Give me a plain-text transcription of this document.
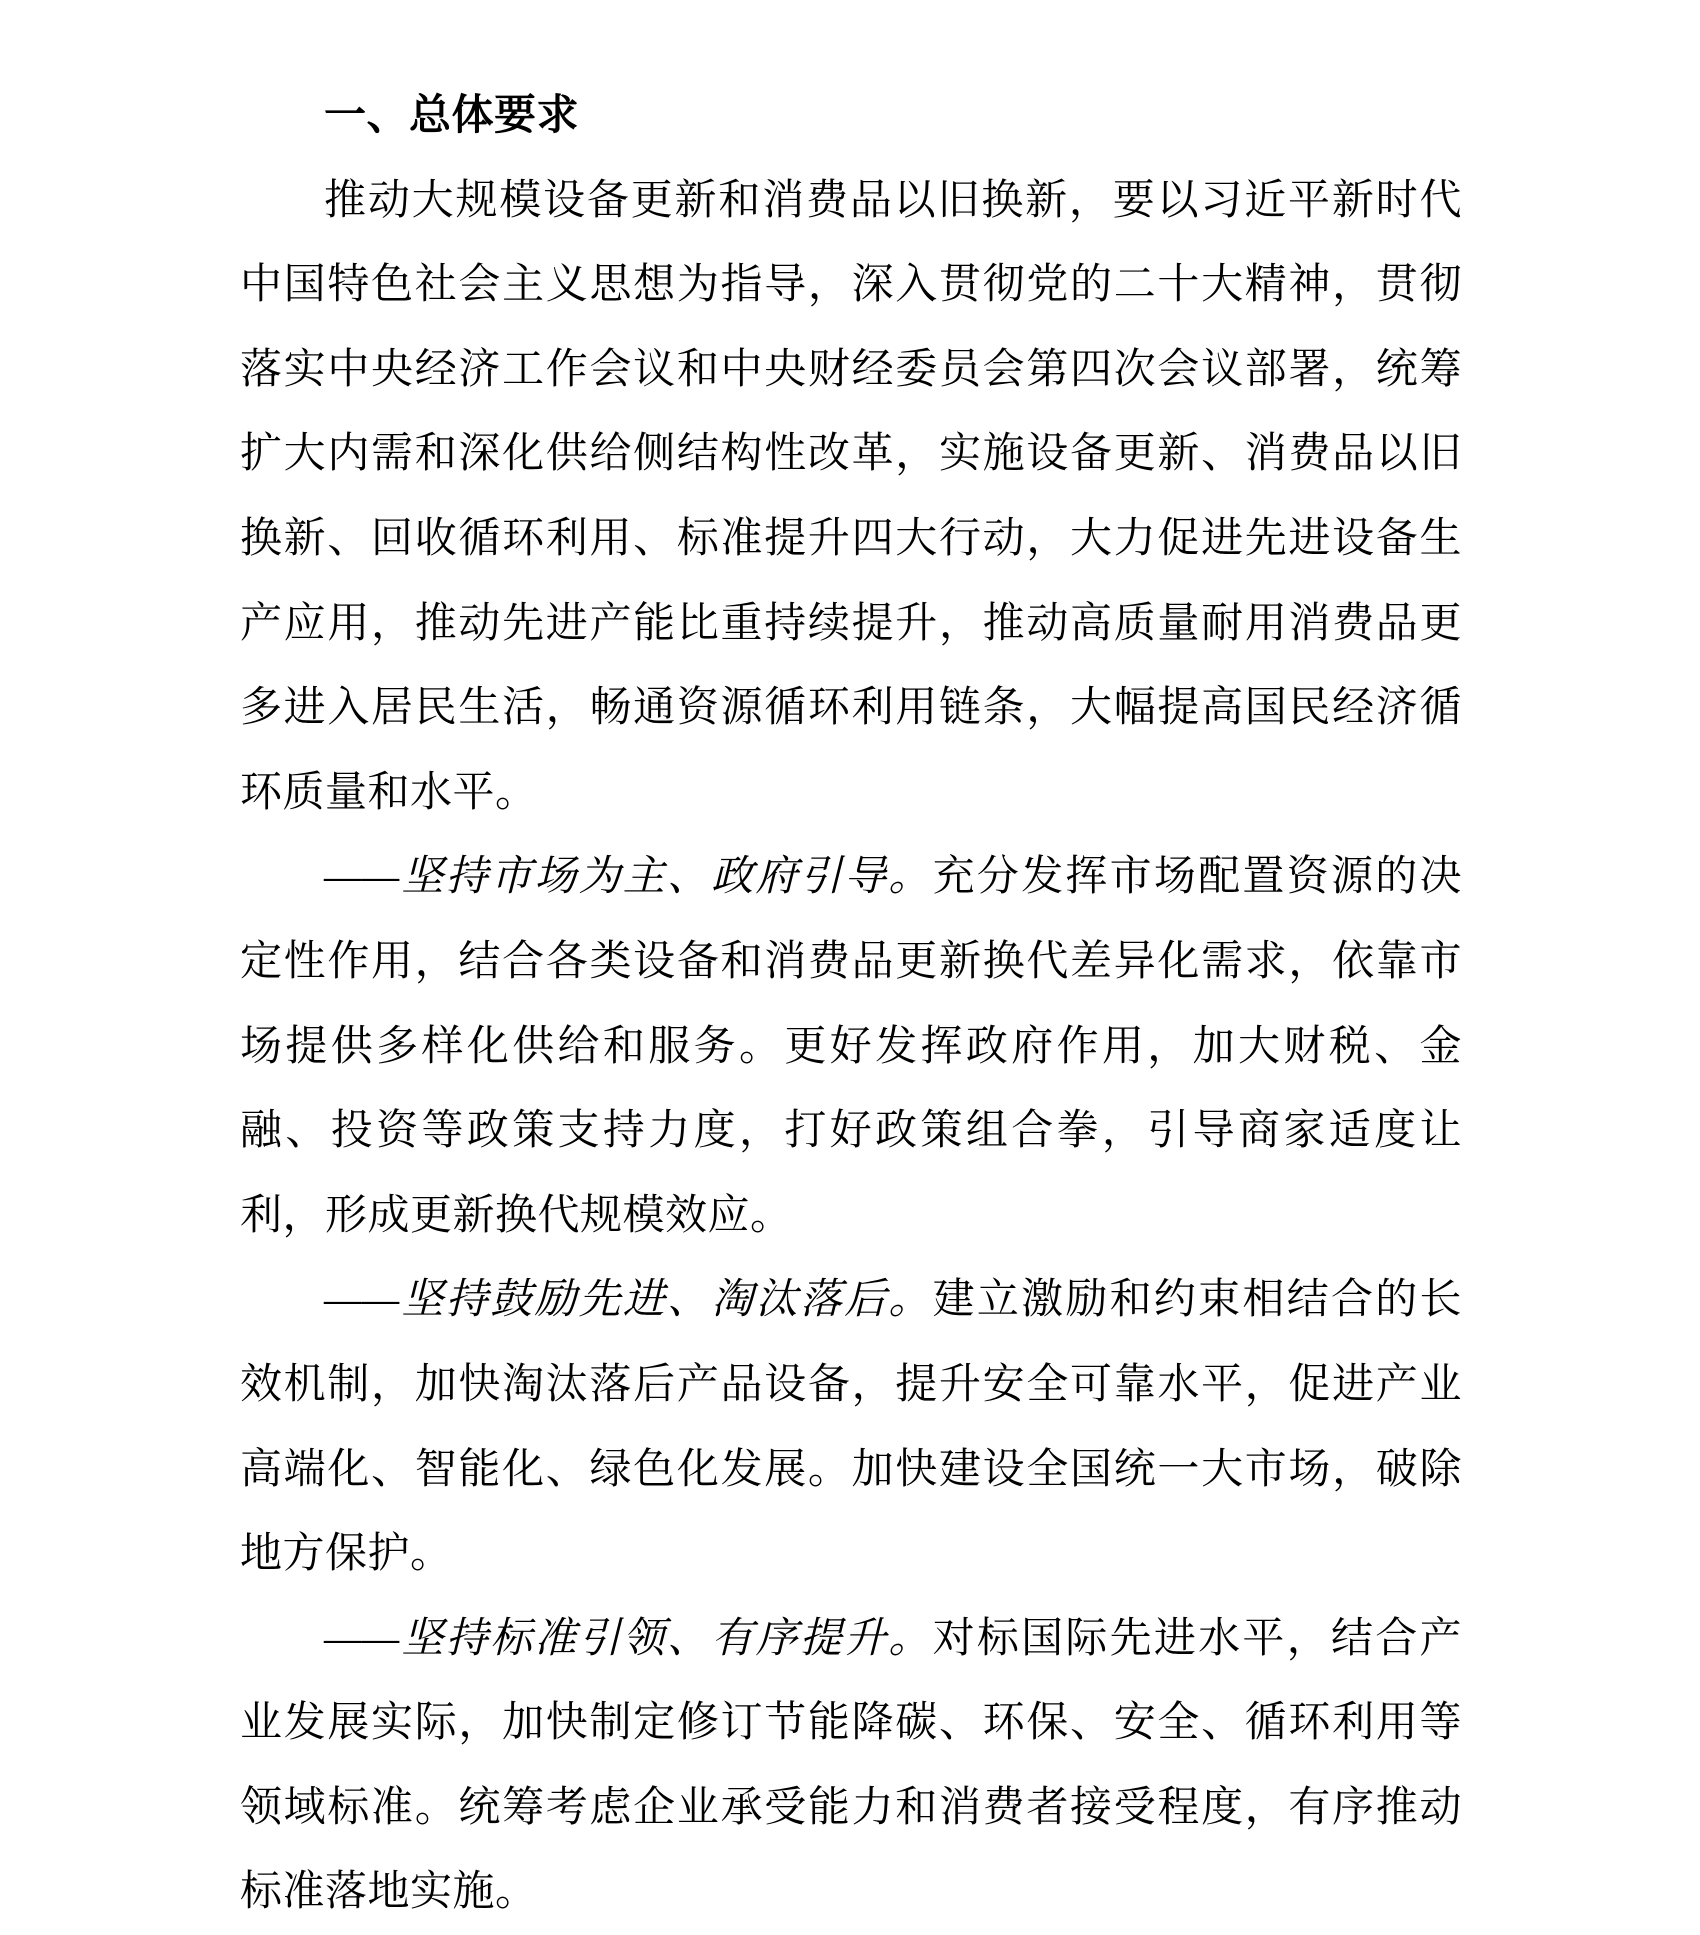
一、总体要求

推动大规模设备更新和消费品以旧换新，要以习近平新时代中国特色社会主义思想为指导，深入贯彻党的二十大精神，贯彻落实中央经济工作会议和中央财经委员会第四次会议部署，统筹扩大内需和深化供给侧结构性改革，实施设备更新、消费品以旧换新、回收循环利用、标准提升四大行动，大力促进先进设备生产应用，推动先进产能比重持续提升，推动高质量耐用消费品更多进入居民生活，畅通资源循环利用链条，大幅提高国民经济循环质量和水平。

——坚持市场为主、政府引导。充分发挥市场配置资源的决定性作用，结合各类设备和消费品更新换代差异化需求，依靠市场提供多样化供给和服务。更好发挥政府作用，加大财税、金融、投资等政策支持力度，打好政策组合拳，引导商家适度让利，形成更新换代规模效应。

——坚持鼓励先进、淘汰落后。建立激励和约束相结合的长效机制，加快淘汰落后产品设备，提升安全可靠水平，促进产业高端化、智能化、绿色化发展。加快建设全国统一大市场，破除地方保护。

——坚持标准引领、有序提升。对标国际先进水平，结合产业发展实际，加快制定修订节能降碳、环保、安全、循环利用等领域标准。统筹考虑企业承受能力和消费者接受程度，有序推动标准落地实施。
